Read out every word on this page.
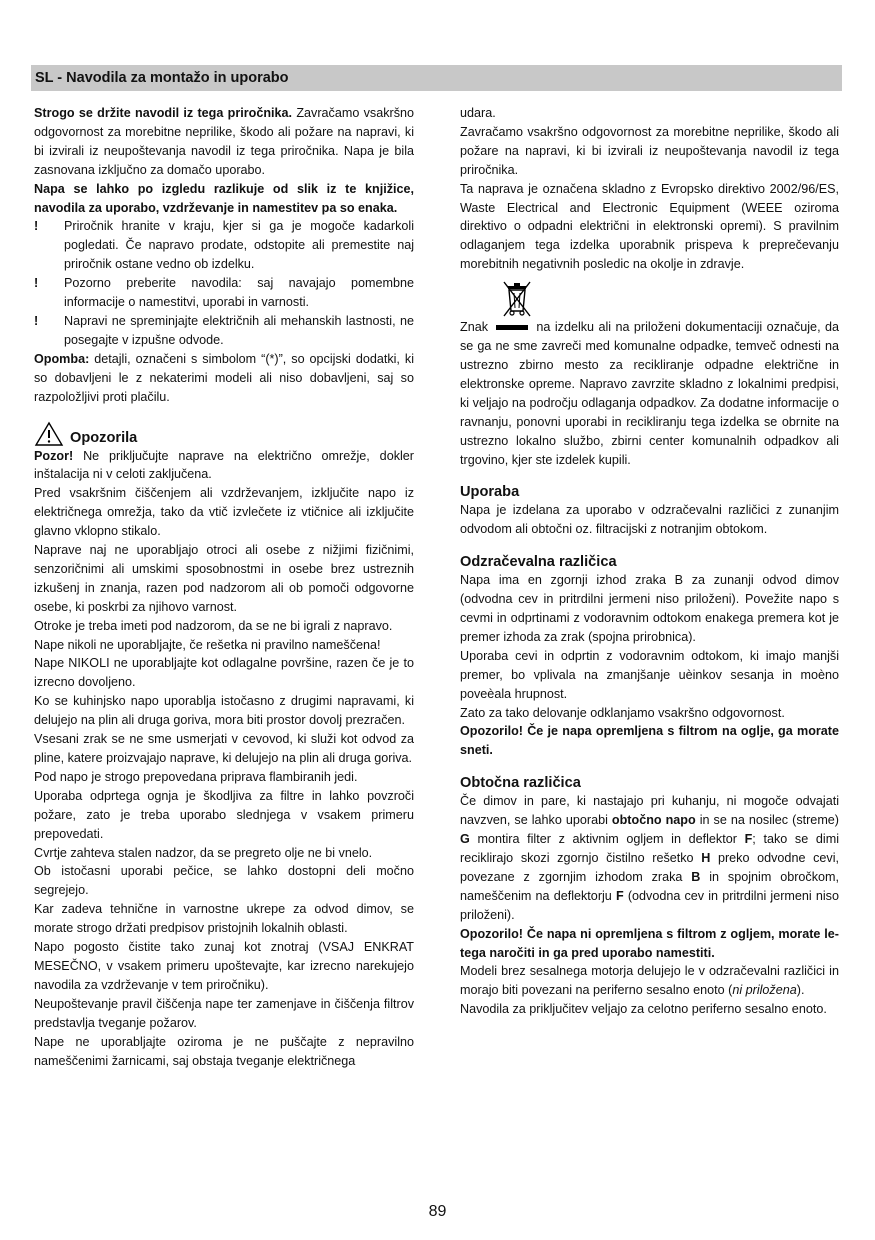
SL - Navodila za montažo in uporabo

Strogo se držite navodil iz tega priročnika. Zavračamo vsakršno odgovornost za morebitne neprilike, škodo ali požare na napravi, ki bi izvirali iz neupoštevanja navodil iz tega priročnika. Napa je bila zasnovana izključno za domačo uporabo.

Napa se lahko po izgledu razlikuje od slik iz te knjižice, navodila za uporabo, vzdrževanje in namestitev pa so enaka.

!	Priročnik hranite v kraju, kjer si ga je mogoče kadarkoli pogledati. Če napravo prodate, odstopite ali premestite naj priročnik ostane vedno ob izdelku.
!	Pozorno preberite navodila: saj navajajo pomembne informacije o namestitvi, uporabi in varnosti.
!	Napravi ne spreminjajte električnih ali mehanskih lastnosti, ne posegajte v izpušne odvode.

Opomba: detajli, označeni s simbolom “(*)”, so opcijski dodatki, ki so dobavljeni le z nekaterimi modeli ali niso dobavljeni, saj so razpoložljivi proti plačilu.

Opozorila

Pozor! Ne priključujte naprave na električno omrežje, dokler inštalacija ni v celoti zaključena.

Pred vsakršnim čiščenjem ali vzdrževanjem, izključite napo iz električnega omrežja, tako da vtič izvlečete iz vtičnice ali izključite glavno vklopno stikalo.

Naprave naj ne uporabljajo otroci ali osebe z nižjimi fizičnimi, senzoričnimi ali umskimi sposobnostmi in osebe brez ustreznih izkušenj in znanja, razen pod nadzorom ali ob pomoči odgovorne osebe, ki poskrbi za njihovo varnost.

Otroke je treba imeti pod nadzorom, da se ne bi igrali z napravo.

Nape nikoli ne uporabljajte, če rešetka ni pravilno nameščena!

Nape NIKOLI ne uporabljajte kot odlagalne površine, razen če je to izrecno dovoljeno.

Ko se kuhinjsko napo uporablja istočasno z drugimi napravami, ki delujejo na plin ali druga goriva, mora biti prostor dovolj prezračen.

Vsesani zrak se ne sme usmerjati v cevovod, ki služi kot odvod za pline, katere proizvajajo naprave, ki delujejo na plin ali druga goriva.

Pod napo je strogo prepovedana priprava flambiranih jedi.

Uporaba odprtega ognja je škodljiva za filtre in lahko povzroči požare, zato je treba uporabo slednjega v vsakem primeru prepovedati.

Cvrtje zahteva stalen nadzor, da se pregreto olje ne bi vnelo.

Ob istočasni uporabi pečice, se lahko dostopni deli močno segrejejo.

Kar zadeva tehnične in varnostne ukrepe za odvod dimov, se morate strogo držati predpisov pristojnih lokalnih oblasti.

Napo pogosto čistite tako zunaj kot znotraj (VSAJ ENKRAT MESEČNO, v vsakem primeru upoštevajte, kar izrecno narekujejo navodila za vzdrževanje v tem priročniku).

Neupoštevanje pravil čiščenja nape ter zamenjave in čiščenja filtrov predstavlja tveganje požarov.

Nape ne uporabljajte oziroma je ne puščajte z nepravilno nameščenimi žarnicami, saj obstaja tveganje električnega

udara.

Zavračamo vsakršno odgovornost za morebitne neprilike, škodo ali požare na napravi, ki bi izvirali iz neupoštevanja navodil iz tega priročnika.

Ta naprava je označena skladno z Evropsko direktivo 2002/96/ES, Waste Electrical and Electronic Equipment (WEEE oziroma direktivo o odpadni električni in elektronski opremi). S pravilnim odlaganjem tega izdelka uporabnik prispeva k preprečevanju morebitnih negativnih posledic na okolje in zdravje.

Znak	na izdelku ali na priloženi dokumentaciji označuje, da se ga ne sme zavreči med komunalne odpadke, temveč odnesti na ustrezno zbirno mesto za recikliranje odpadne električne in elektronske opreme. Napravo zavrzite skladno z lokalnimi predpisi, ki veljajo na področju odlaganja odpadkov. Za dodatne informacije o ravnanju, ponovni uporabi in recikliranju tega izdelka se obrnite na ustrezno lokalno službo, zbirni center komunalnih odpadkov ali trgovino, kjer ste izdelek kupili.

Uporaba

Napa je izdelana za uporabo v odzračevalni različici z zunanjim odvodom ali obtočni oz. filtracijski z notranjim obtokom.

Odzračevalna različica

Napa ima en zgornji izhod zraka B za zunanji odvod dimov (odvodna cev in pritrdilni jermeni niso priloženi). Povežite napo s cevmi in odprtinami z vodoravnim odtokom enakega premera kot je premer izhoda za zrak (spojna prirobnica).

Uporaba cevi in odprtin z vodoravnim odtokom, ki imajo manjši premer, bo vplivala na zmanjšanje uèinkov sesanja in moèno poveèala hrupnost.

Zato za tako delovanje odklanjamo vsakršno odgovornost.

Opozorilo! Če je napa opremljena s filtrom na oglje, ga morate sneti.

Obtočna različica

Če dimov in pare, ki nastajajo pri kuhanju, ni mogoče odvajati navzven, se lahko uporabi obtočno napo in se na nosilec (streme) G montira filter z aktivnim ogljem in deflektor F; tako se dimi reciklirajo skozi zgornjo čistilno rešetko H preko odvodne cevi, povezane z zgornjim izhodom zraka B in spojnim obročkom, nameščenim na deflektorju F (odvodna cev in pritrdilni jermeni niso priloženi).

Opozorilo! Če napa ni opremljena s filtrom z ogljem, morate le-tega naročiti in ga pred uporabo namestiti.

Modeli brez sesalnega motorja delujejo le v odzračevalni različici in morajo biti povezani na periferno sesalno enoto (ni priložena).

Navodila za priključitev veljajo za celotno periferno sesalno enoto.

89
